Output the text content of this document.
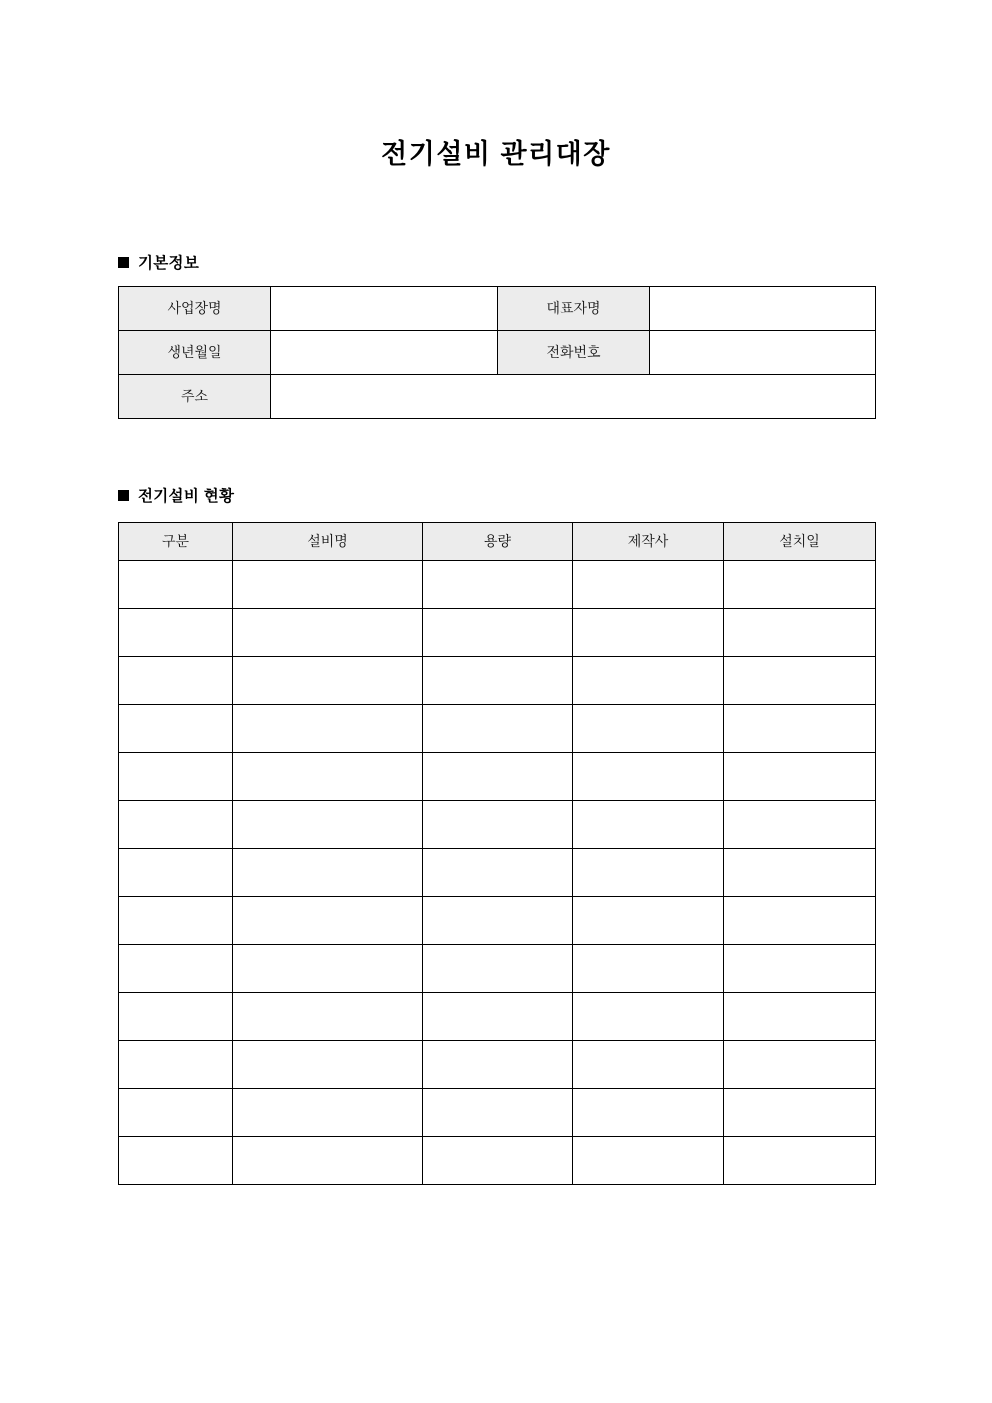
전기설비 관리대장
기본정보
사업장명		대표자명	
생년월일		전화번호	
주소			
전기설비 현황
구분	설비명	용량	제작사	설치일
